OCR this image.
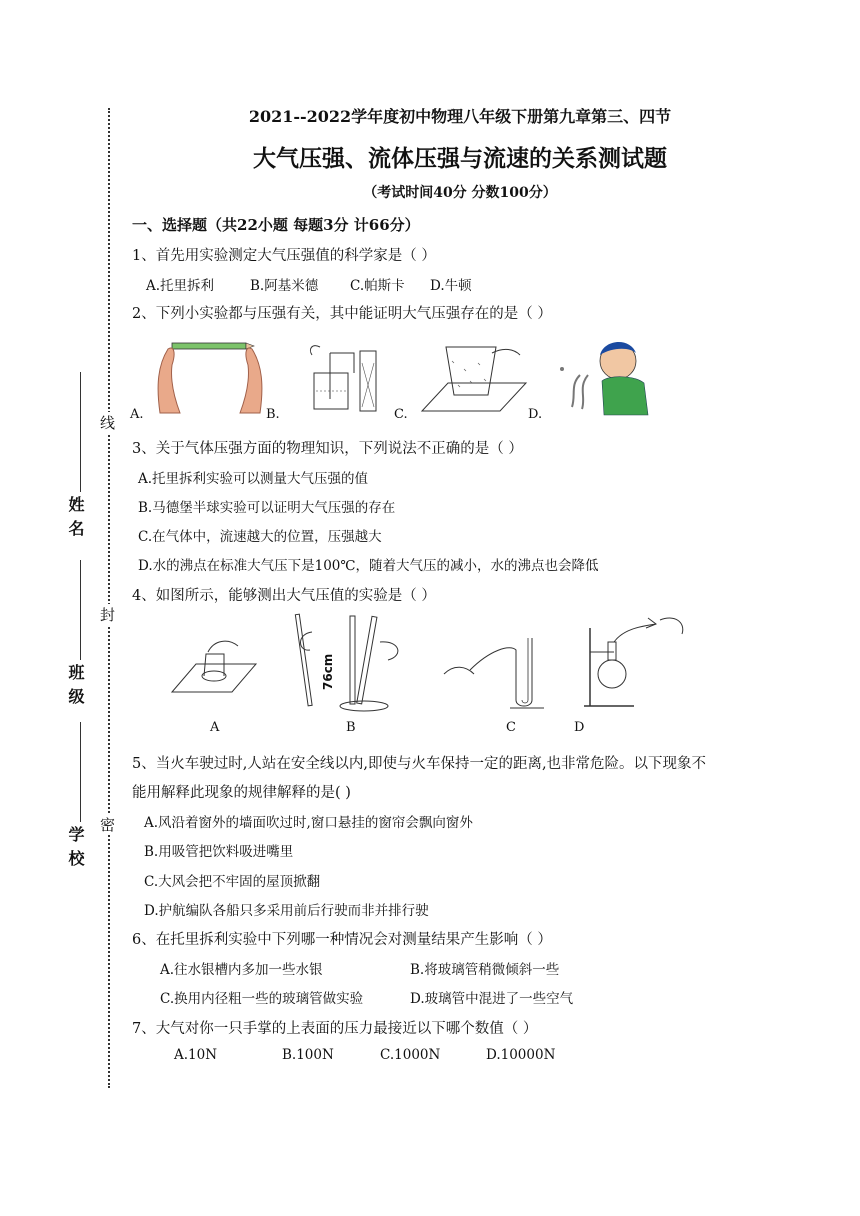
2021--2022学年度初中物理八年级下册第九章第三、四节
大气压强、流体压强与流速的关系测试题
（考试时间40分 分数100分）
一、选择题（共22小题 每题3分 计66分）
线
封
密
姓名
班级
学校
1、首先用实验测定大气压强值的科学家是（ ）
A.托里拆利	B.阿基米德 C.帕斯卡 D.牛顿
2、下列小实验都与压强有关，其中能证明大气压强存在的是（ ）
A.	B.	C.	D.
3、关于气体压强方面的物理知识，下列说法不正确的是（ ）
A.托里拆利实验可以测量大气压强的值
B.马德堡半球实验可以证明大气压强的存在
C.在气体中，流速越大的位置，压强越大
D.水的沸点在标准大气压下是100℃，随着大气压的减小，水的沸点也会降低
4、如图所示，能够测出大气压值的实验是（ ）
A
76cm
B	C	D
5、当火车驶过时,人站在安全线以内,即使与火车保持一定的距离,也非常危险。以下现象不
能用解释此现象的规律解释的是( )
A.风沿着窗外的墙面吹过时,窗口悬挂的窗帘会飘向窗外
B.用吸管把饮料吸进嘴里
C.大风会把不牢固的屋顶掀翻
D.护航编队各船只多采用前后行驶而非并排行驶
6、在托里拆利实验中下列哪一种情况会对测量结果产生影响（ ）
A.往水银槽内多加一些水银	B.将玻璃管稍微倾斜一些
C.换用内径粗一些的玻璃管做实验	D.玻璃管中混进了一些空气
7、大气对你一只手掌的上表面的压力最接近以下哪个数值（ ）
A.10N	B.100N	C.1000N	D.10000N
